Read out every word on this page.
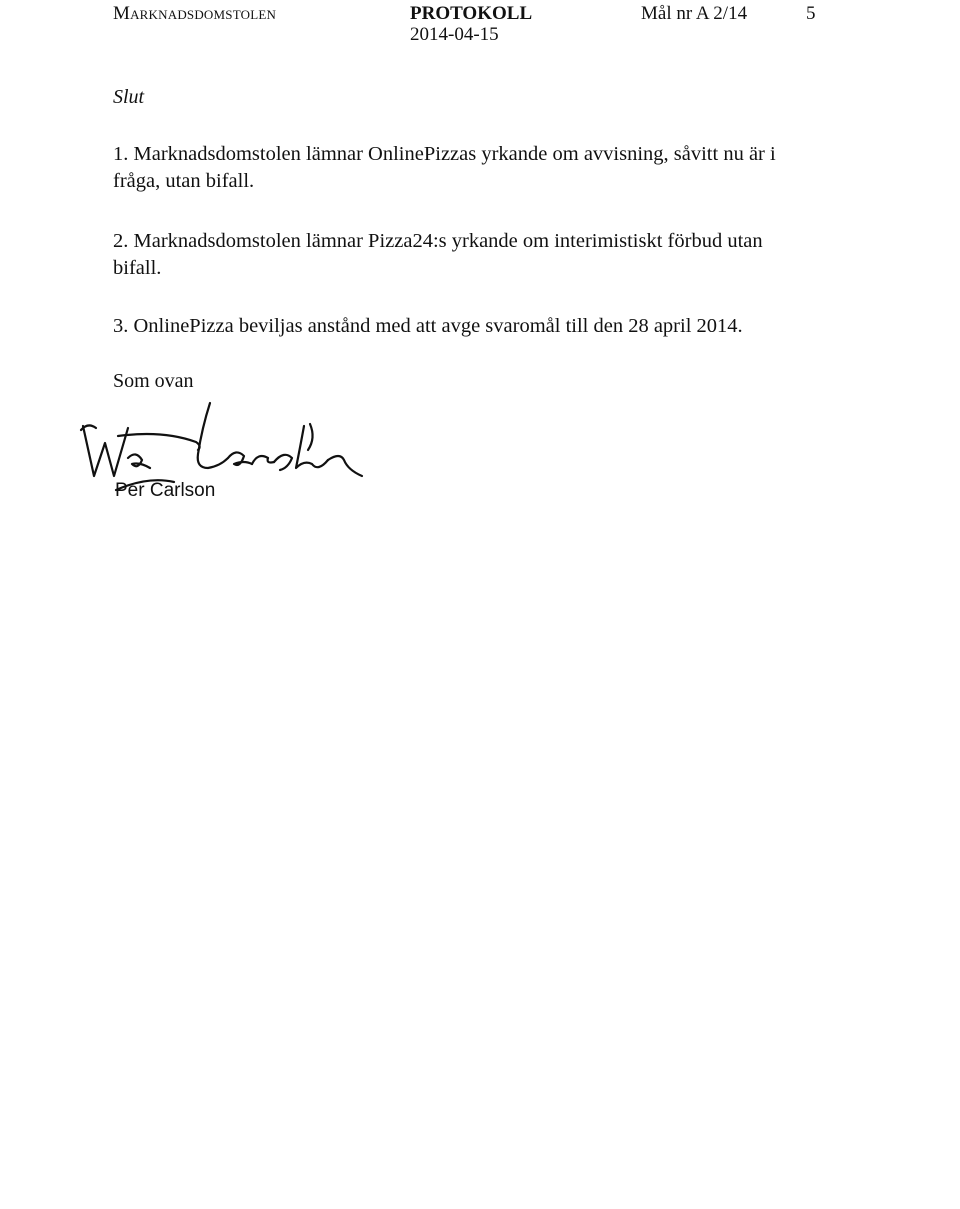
Marknadsdomstolen	PROTOKOLL
2014-04-15
Mål nr A 2/14	5
Slut
1. Marknadsdomstolen lämnar OnlinePizzas yrkande om avvisning, såvitt nu är i fråga, utan bifall.
2. Marknadsdomstolen lämnar Pizza24:s yrkande om interimistiskt förbud utan bifall.
3. OnlinePizza beviljas anstånd med att avge svaromål till den 28 april 2014.
Som ovan
Per Carlson
